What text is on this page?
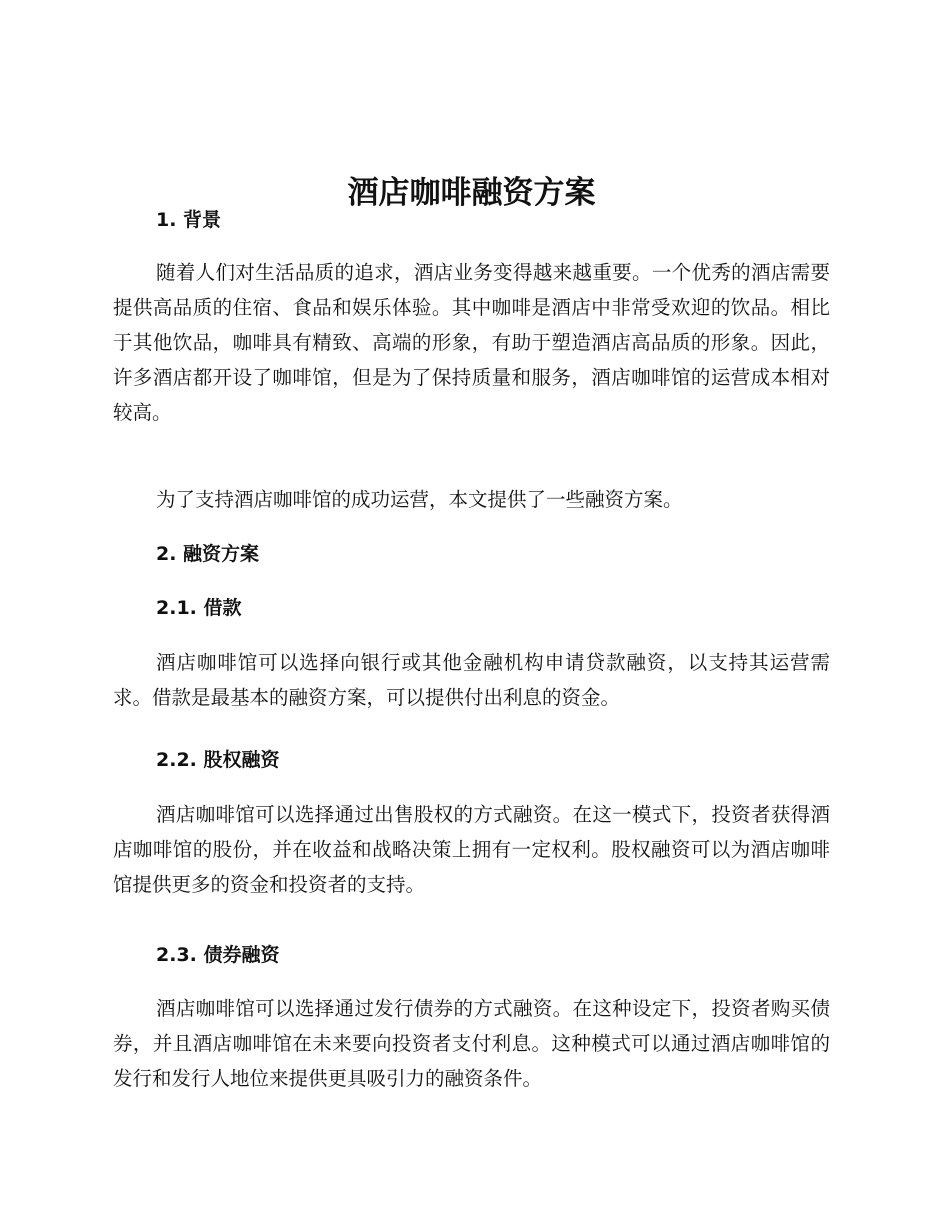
酒店咖啡融资方案
1. 背景

随着人们对生活品质的追求，酒店业务变得越来越重要。一个优秀的酒店需要提供高品质的住宿、食品和娱乐体验。其中咖啡是酒店中非常受欢迎的饮品。相比于其他饮品，咖啡具有精致、高端的形象，有助于塑造酒店高品质的形象。因此，许多酒店都开设了咖啡馆，但是为了保持质量和服务，酒店咖啡馆的运营成本相对较高。

为了支持酒店咖啡馆的成功运营，本文提供了一些融资方案。

2. 融资方案
2.1. 借款

酒店咖啡馆可以选择向银行或其他金融机构申请贷款融资，以支持其运营需求。借款是最基本的融资方案，可以提供付出利息的资金。

2.2. 股权融资

酒店咖啡馆可以选择通过出售股权的方式融资。在这一模式下，投资者获得酒店咖啡馆的股份，并在收益和战略决策上拥有一定权利。股权融资可以为酒店咖啡馆提供更多的资金和投资者的支持。

2.3. 债券融资

酒店咖啡馆可以选择通过发行债券的方式融资。在这种设定下，投资者购买债券，并且酒店咖啡馆在未来要向投资者支付利息。这种模式可以通过酒店咖啡馆的发行和发行人地位来提供更具吸引力的融资条件。
